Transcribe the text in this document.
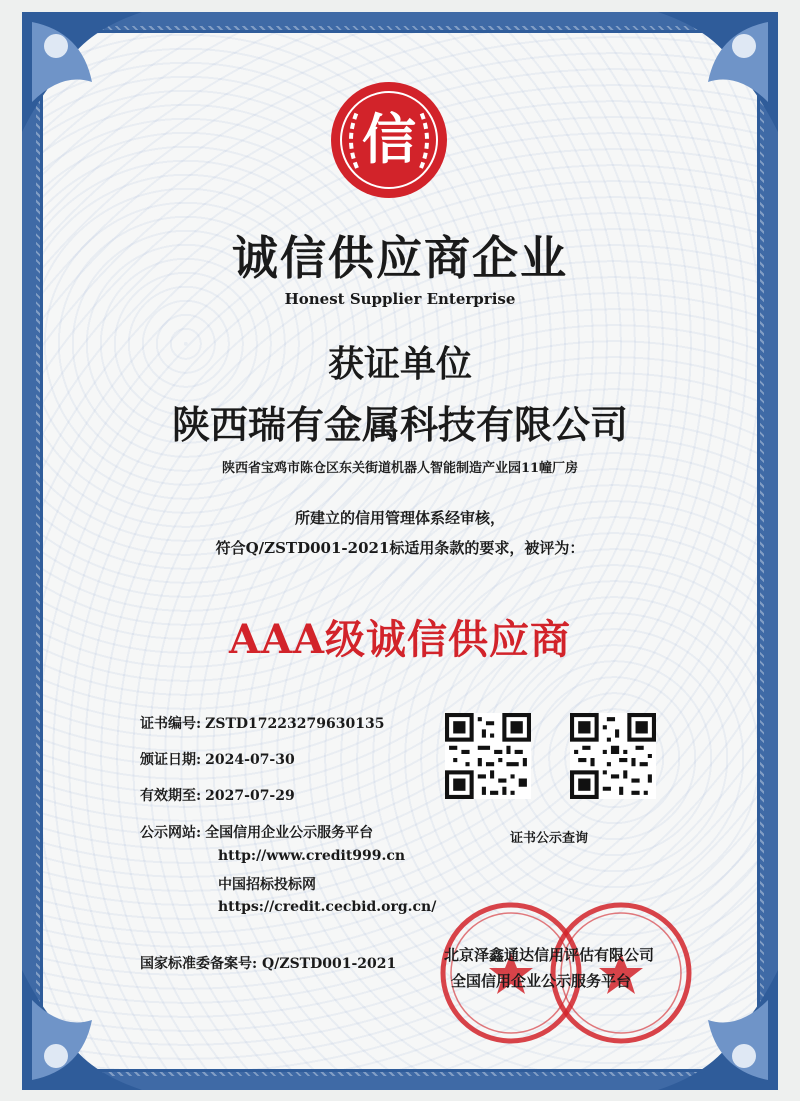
信
诚信供应商企业
Honest Supplier Enterprise
获证单位
陕西瑞有金属科技有限公司
陕西省宝鸡市陈仓区东关街道机器人智能制造产业园11幢厂房
所建立的信用管理体系经审核，
符合Q/ZSTD001-2021标适用条款的要求，被评为：
AAA级诚信供应商
证书编号: ZSTD17223279630135
颁证日期: 2024-07-30
有效期至: 2027-07-29
公示网站: 全国信用企业公示服务平台
http://www.credit999.cn
中国招标投标网
https://credit.cecbid.org.cn/
国家标准委备案号: Q/ZSTD001-2021
证书公示查询
北京泽鑫通达信用评估有限公司
全国信用企业公示服务平台
